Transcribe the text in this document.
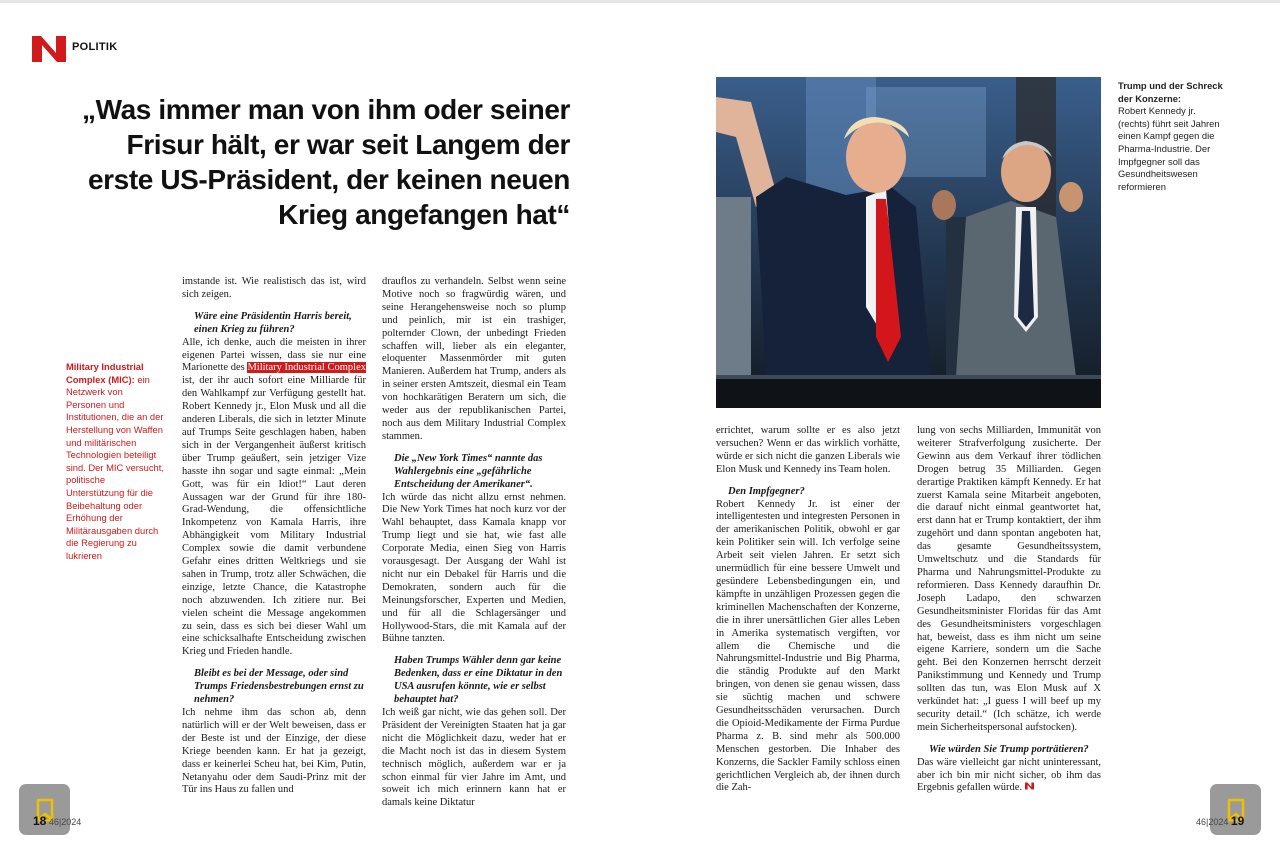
POLITIK
„Was immer man von ihm oder seiner
Frisur hält, er war seit Langem der
erste US-Präsident, der keinen neuen
Krieg angefangen hat“
Military Industrial Complex (MIC): ein Netzwerk von Personen und Institutionen, die an der Herstellung von Waffen und militärischen Technologien beteiligt sind. Der MIC versucht, politische Unterstützung für die Beibehaltung oder Erhöhung der Militärausgaben durch die Regierung zu lukrieren

imstande ist. Wie realistisch das ist, wird sich zeigen.

Wäre eine Präsidentin Harris bereit, einen Krieg zu führen?

Alle, ich denke, auch die meisten in ihrer eigenen Partei wissen, dass sie nur eine Marionette des Military Industrial Complex ist, der ihr auch sofort eine Milliarde für den Wahlkampf zur Verfügung gestellt hat. Robert Kennedy jr., Elon Musk und all die anderen Liberals, die sich in letzter Minute auf Trumps Seite geschlagen haben, haben sich in der Vergangenheit äußerst kritisch über Trump geäußert, sein jetziger Vize hasste ihn sogar und sagte einmal: „Mein Gott, was für ein Idiot!“ Laut deren Aussagen war der Grund für ihre 180-Grad-Wendung, die offensichtliche Inkompetenz von Kamala Harris, ihre Abhängigkeit vom Military Industrial Complex sowie die damit verbundene Gefahr eines dritten Weltkriegs und sie sahen in Trump, trotz aller Schwächen, die einzige, letzte Chance, die Katastrophe noch abzuwenden. Ich zitiere nur. Bei vielen scheint die Message angekommen zu sein, dass es sich bei dieser Wahl um eine schicksalhafte Entscheidung zwischen Krieg und Frieden handle.

Bleibt es bei der Message, oder sind Trumps Friedensbestrebungen ernst zu nehmen?

Ich nehme ihm das schon ab, denn natürlich will er der Welt beweisen, dass er der Beste ist und der Einzige, der diese Kriege beenden kann. Er hat ja gezeigt, dass er keinerlei Scheu hat, bei Kim, Putin, Netanyahu oder dem Saudi-Prinz mit der Tür ins Haus zu fallen und

drauflos zu verhandeln. Selbst wenn seine Motive noch so fragwürdig wären, und seine Herangehensweise noch so plump und peinlich, mir ist ein trashiger, polternder Clown, der unbedingt Frieden schaffen will, lieber als ein eleganter, eloquenter Massenmörder mit guten Manieren. Außerdem hat Trump, anders als in seiner ersten Amtszeit, diesmal ein Team von hochkarätigen Beratern um sich, die weder aus der republikanischen Partei, noch aus dem Military Industrial Complex stammen.

Die „New York Times“ nannte das Wahlergebnis eine „gefährliche Entscheidung der Amerikaner“.

Ich würde das nicht allzu ernst nehmen. Die New York Times hat noch kurz vor der Wahl behauptet, dass Kamala knapp vor Trump liegt und sie hat, wie fast alle Corporate Media, einen Sieg von Harris vorausgesagt. Der Ausgang der Wahl ist nicht nur ein Debakel für Harris und die Demokraten, sondern auch für die Meinungsforscher, Experten und Medien, und für all die Schlagersänger und Hollywood-Stars, die mit Kamala auf der Bühne tanzten.

Haben Trumps Wähler denn gar keine Bedenken, dass er eine Diktatur in den USA ausrufen könnte, wie er selbst behauptet hat?

Ich weiß gar nicht, wie das gehen soll. Der Präsident der Vereinigten Staaten hat ja gar nicht die Möglichkeit dazu, weder hat er die Macht noch ist das in diesem System technisch möglich, außerdem war er ja schon einmal für vier Jahre im Amt, und soweit ich mich erinnern kann hat er damals keine Diktatur

Trump und der Schreck der Konzerne:
Robert Kennedy jr. (rechts) führt seit Jahren einen Kampf gegen die Pharma-Industrie. Der Impfgegner soll das Gesundheitswesen reformieren

errichtet, warum sollte er es also jetzt versuchen? Wenn er das wirklich vorhätte, würde er sich nicht die ganzen Liberals wie Elon Musk und Kennedy ins Team holen.

Den Impfgegner?

Robert Kennedy Jr. ist einer der intelligentesten und integresten Personen in der amerikanischen Politik, obwohl er gar kein Politiker sein will. Ich verfolge seine Arbeit seit vielen Jahren. Er setzt sich unermüdlich für eine bessere Umwelt und gesündere Lebensbedingungen ein, und kämpfte in unzähligen Prozessen gegen die kriminellen Machenschaften der Konzerne, die in ihrer unersättlichen Gier alles Leben in Amerika systematisch vergiften, vor allem die Chemische und die Nahrungsmittel-Industrie und Big Pharma, die ständig Produkte auf den Markt bringen, von denen sie genau wissen, dass sie süchtig machen und schwere Gesundheitsschäden verursachen. Durch die Opioid-Medikamente der Firma Purdue Pharma z. B. sind mehr als 500.000 Menschen gestorben. Die Inhaber des Konzerns, die Sackler Family schloss einen gerichtlichen Vergleich ab, der ihnen durch die Zah-

lung von sechs Milliarden, Immunität von weiterer Strafverfolgung zusicherte. Der Gewinn aus dem Verkauf ihrer tödlichen Drogen betrug 35 Milliarden. Gegen derartige Praktiken kämpft Kennedy. Er hat zuerst Kamala seine Mitarbeit angeboten, die darauf nicht einmal geantwortet hat, erst dann hat er Trump kontaktiert, der ihm zugehört und dann spontan angeboten hat, das gesamte Gesundheitssystem, Umweltschutz und die Standards für Pharma und Nahrungsmittel-Produkte zu reformieren. Dass Kennedy daraufhin Dr. Joseph Ladapo, den schwarzen Gesundheitsminister Floridas für das Amt des Gesundheitsministers vorgeschlagen hat, beweist, dass es ihm nicht um seine eigene Karriere, sondern um die Sache geht. Bei den Konzernen herrscht derzeit Panikstimmung und Kennedy und Trump sollten das tun, was Elon Musk auf X verkündet hat: „I guess I will beef up my security detail.“ (Ich schätze, ich werde mein Sicherheitspersonal aufstocken).

Wie würden Sie Trump porträtieren?

Das wäre vielleicht gar nicht uninteressant, aber ich bin mir nicht sicher, ob ihm das Ergebnis gefallen würde.

18 46|2024	46|2024 19
